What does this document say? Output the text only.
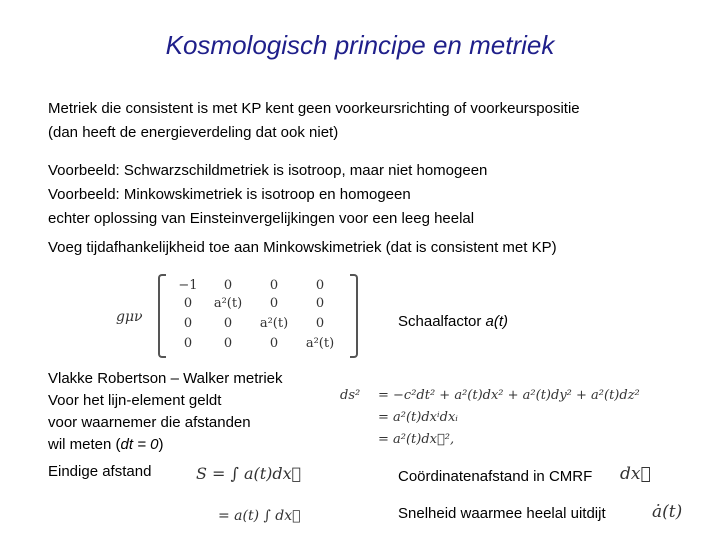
Kosmologisch principe en metriek
Metriek die consistent is met KP kent geen voorkeursrichting of voorkeurspositie
(dan heeft de energieverdeling dat ook niet)
Voorbeeld: Schwarzschildmetriek is isotroop, maar niet homogeen
Voorbeeld: Minkowskimetriek is isotroop en homogeen
echter oplossing van Einsteinvergelijkingen voor een leeg heelal
Voeg tijdafhankelijkheid toe aan Minkowskimetriek (dat is consistent met KP)
gμν
−1	0	0	0
0	a²(t)	0	0
0	0	a²(t)	0
0	0	0	a²(t)
Schaalfactor a(t)
Vlakke Robertson – Walker metriek
Voor het lijn-element geldt
voor waarnemer die afstanden
wil meten (dt = 0)
ds² = −c²dt² + a²(t)dx² + a²(t)dy² + a²(t)dz²
= a²(t)dxⁱdxᵢ
= a²(t)dx⃗²,
Eindige afstand	S = ∫ a(t)dx⃗
= a(t) ∫ dx⃗
Coördinatenafstand in CMRF dx⃗
Snelheid waarmee heelal uitdijt	ȧ(t)
